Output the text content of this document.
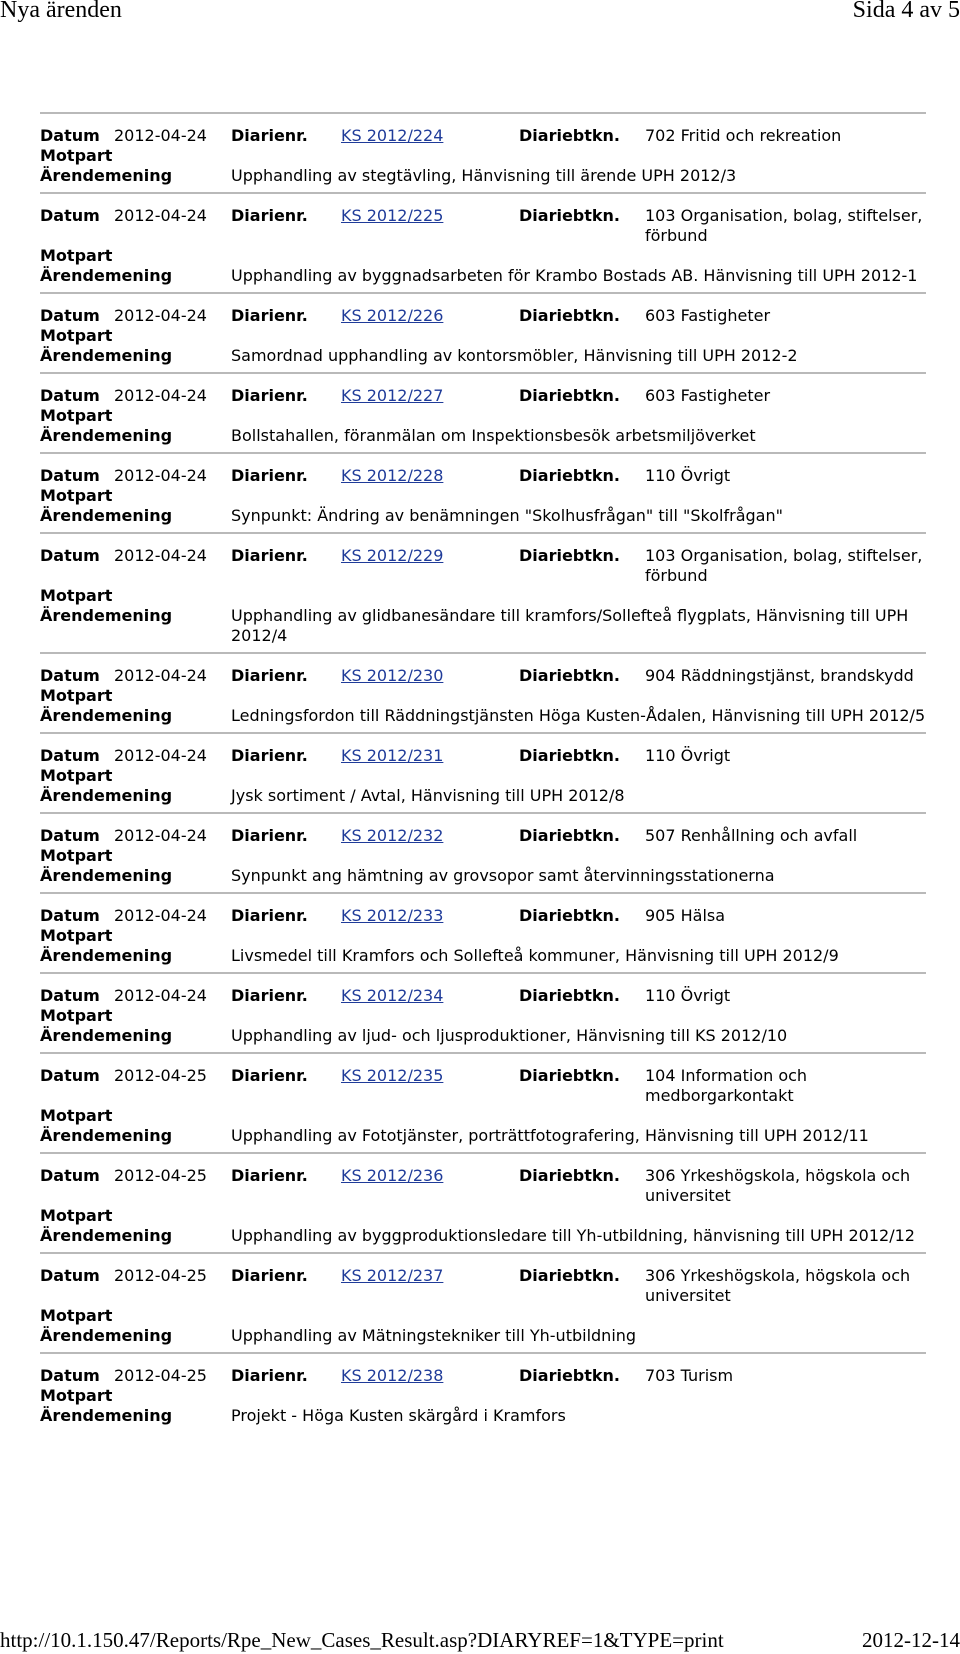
Nya ärenden	Sida 4 av 5
Datum 2012-04-24 Diarienr. KS 2012/224	Diariebtkn. 702 Fritid och rekreation
Motpart
Ärendemening	Upphandling av stegtävling, Hänvisning till ärende UPH 2012/3
Datum 2012-04-24 Diarienr. KS 2012/225	Diariebtkn. 103 Organisation, bolag, stiftelser, förbund
Motpart
Ärendemening	Upphandling av byggnadsarbeten för Krambo Bostads AB. Hänvisning till UPH 2012-1
Datum 2012-04-24 Diarienr. KS 2012/226	Diariebtkn. 603 Fastigheter
Motpart
Ärendemening	Samordnad upphandling av kontorsmöbler, Hänvisning till UPH 2012-2
Datum 2012-04-24 Diarienr. KS 2012/227	Diariebtkn. 603 Fastigheter
Motpart
Ärendemening	Bollstahallen, föranmälan om Inspektionsbesök arbetsmiljöverket
Datum 2012-04-24 Diarienr. KS 2012/228	Diariebtkn. 110 Övrigt
Motpart
Ärendemening	Synpunkt: Ändring av benämningen "Skolhusfrågan" till "Skolfrågan"
Datum 2012-04-24 Diarienr. KS 2012/229	Diariebtkn. 103 Organisation, bolag, stiftelser, förbund
Motpart
Ärendemening	Upphandling av glidbanesändare till kramfors/Sollefteå flygplats, Hänvisning till UPH 2012/4
Datum 2012-04-24 Diarienr. KS 2012/230	Diariebtkn. 904 Räddningstjänst, brandskydd
Motpart
Ärendemening	Ledningsfordon till Räddningstjänsten Höga Kusten-Ådalen, Hänvisning till UPH 2012/5
Datum 2012-04-24 Diarienr. KS 2012/231	Diariebtkn. 110 Övrigt
Motpart
Ärendemening	Jysk sortiment / Avtal, Hänvisning till UPH 2012/8
Datum 2012-04-24 Diarienr. KS 2012/232	Diariebtkn. 507 Renhållning och avfall
Motpart
Ärendemening	Synpunkt ang hämtning av grovsopor samt återvinningsstationerna
Datum 2012-04-24 Diarienr. KS 2012/233	Diariebtkn. 905 Hälsa
Motpart
Ärendemening	Livsmedel till Kramfors och Sollefteå kommuner, Hänvisning till UPH 2012/9
Datum 2012-04-24 Diarienr. KS 2012/234	Diariebtkn. 110 Övrigt
Motpart
Ärendemening	Upphandling av ljud- och ljusproduktioner, Hänvisning till KS 2012/10
Datum 2012-04-25 Diarienr. KS 2012/235	Diariebtkn. 104 Information och medborgarkontakt
Motpart
Ärendemening	Upphandling av Fototjänster, porträttfotografering, Hänvisning till UPH 2012/11
Datum 2012-04-25 Diarienr. KS 2012/236	Diariebtkn. 306 Yrkeshögskola, högskola och universitet
Motpart
Ärendemening	Upphandling av byggproduktionsledare till Yh-utbildning, hänvisning till UPH 2012/12
Datum 2012-04-25 Diarienr. KS 2012/237	Diariebtkn. 306 Yrkeshögskola, högskola och universitet
Motpart
Ärendemening	Upphandling av Mätningstekniker till Yh-utbildning
Datum 2012-04-25 Diarienr. KS 2012/238	Diariebtkn. 703 Turism
Motpart
Ärendemening	Projekt - Höga Kusten skärgård i Kramfors
http://10.1.150.47/Reports/Rpe_New_Cases_Result.asp?DIARYREF=1&TYPE=print	2012-12-14
